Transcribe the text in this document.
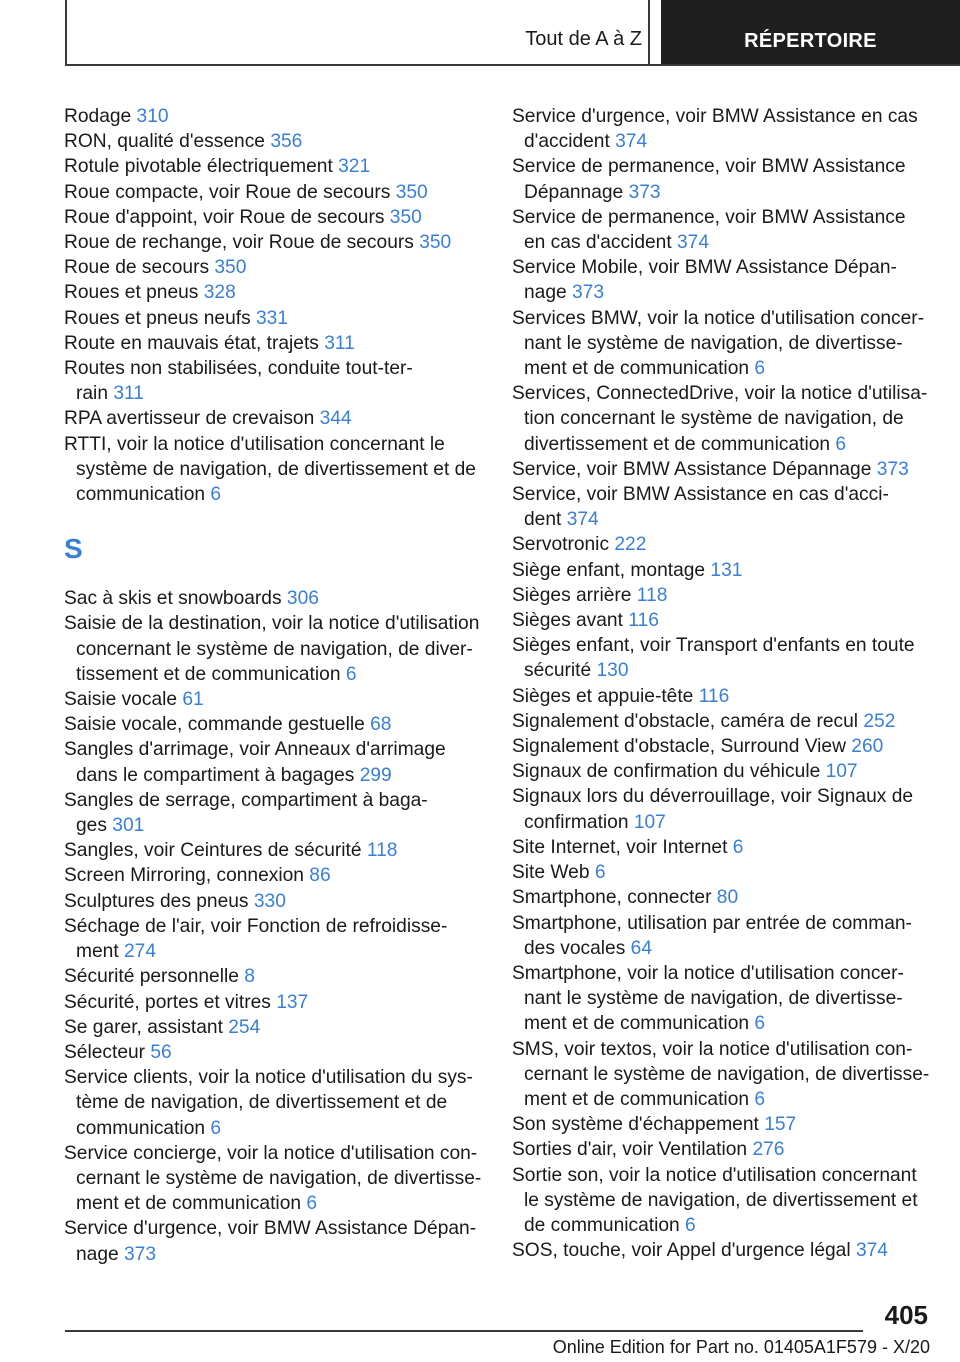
Tout de A à Z	RÉPERTOIRE
Rodage 310
RON, qualité d'essence 356
Rotule pivotable électriquement 321
Roue compacte, voir Roue de secours 350
Roue d'appoint, voir Roue de secours 350
Roue de rechange, voir Roue de secours 350
Roue de secours 350
Roues et pneus 328
Roues et pneus neufs 331
Route en mauvais état, trajets 311
Routes non stabilisées, conduite tout-ter-
rain 311
RPA avertisseur de crevaison 344
RTTI, voir la notice d'utilisation concernant le
système de navigation, de divertissement et de
communication 6
S
Sac à skis et snowboards 306
Saisie de la destination, voir la notice d'utilisation
concernant le système de navigation, de diver-
tissement et de communication 6
Saisie vocale 61
Saisie vocale, commande gestuelle 68
Sangles d'arrimage, voir Anneaux d'arrimage
dans le compartiment à bagages 299
Sangles de serrage, compartiment à baga-
ges 301
Sangles, voir Ceintures de sécurité 118
Screen Mirroring, connexion 86
Sculptures des pneus 330
Séchage de l'air, voir Fonction de refroidisse-
ment 274
Sécurité personnelle 8
Sécurité, portes et vitres 137
Se garer, assistant 254
Sélecteur 56
Service clients, voir la notice d'utilisation du sys-
tème de navigation, de divertissement et de
communication 6
Service concierge, voir la notice d'utilisation con-
cernant le système de navigation, de divertisse-
ment et de communication 6
Service d'urgence, voir BMW Assistance Dépan-
nage 373
Service d'urgence, voir BMW Assistance en cas
d'accident 374
Service de permanence, voir BMW Assistance
Dépannage 373
Service de permanence, voir BMW Assistance
en cas d'accident 374
Service Mobile, voir BMW Assistance Dépan-
nage 373
Services BMW, voir la notice d'utilisation concer-
nant le système de navigation, de divertisse-
ment et de communication 6
Services, ConnectedDrive, voir la notice d'utilisa-
tion concernant le système de navigation, de
divertissement et de communication 6
Service, voir BMW Assistance Dépannage 373
Service, voir BMW Assistance en cas d'acci-
dent 374
Servotronic 222
Siège enfant, montage 131
Sièges arrière 118
Sièges avant 116
Sièges enfant, voir Transport d'enfants en toute
sécurité 130
Sièges et appuie-tête 116
Signalement d'obstacle, caméra de recul 252
Signalement d'obstacle, Surround View 260
Signaux de confirmation du véhicule 107
Signaux lors du déverrouillage, voir Signaux de
confirmation 107
Site Internet, voir Internet 6
Site Web 6
Smartphone, connecter 80
Smartphone, utilisation par entrée de comman-
des vocales 64
Smartphone, voir la notice d'utilisation concer-
nant le système de navigation, de divertisse-
ment et de communication 6
SMS, voir textos, voir la notice d'utilisation con-
cernant le système de navigation, de divertisse-
ment et de communication 6
Son système d'échappement 157
Sorties d'air, voir Ventilation 276
Sortie son, voir la notice d'utilisation concernant
le système de navigation, de divertissement et
de communication 6
SOS, touche, voir Appel d'urgence légal 374
405
Online Edition for Part no. 01405A1F579 - X/20
